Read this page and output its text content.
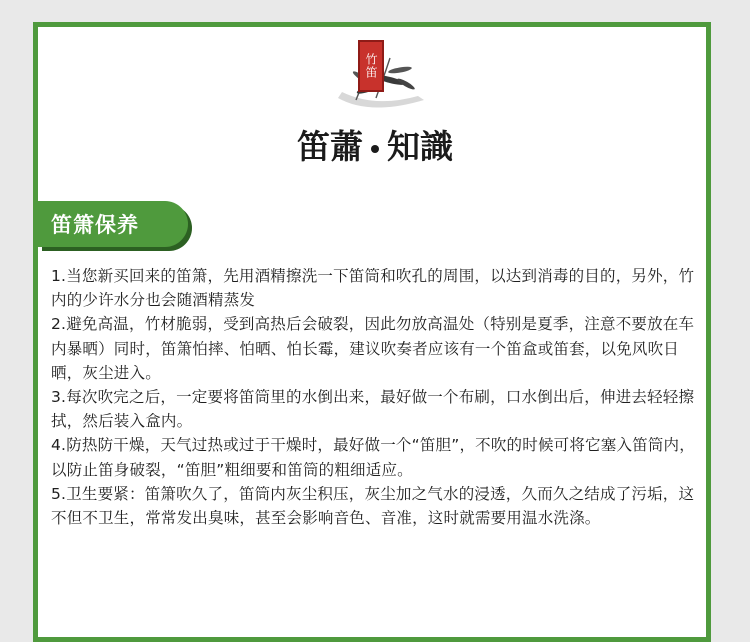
竹笛
笛蕭 知識
笛箫保养

1.当您新买回来的笛箫，先用酒精擦洗一下笛筒和吹孔的周围，以达到消毒的目的，另外，竹内的少许水分也会随酒精蒸发

2.避免高温，竹材脆弱，受到高热后会破裂，因此勿放高温处（特别是夏季，注意不要放在车内暴晒）同时，笛箫怕摔、怕晒、怕长霉，建议吹奏者应该有一个笛盒或笛套，以免风吹日晒，灰尘进入。

3.每次吹完之后，一定要将笛筒里的水倒出来，最好做一个布刷，口水倒出后，伸进去轻轻擦拭，然后装入盒内。

4.防热防干燥，天气过热或过于干燥时，最好做一个“笛胆”，不吹的时候可将它塞入笛筒内，以防止笛身破裂，“笛胆”粗细要和笛筒的粗细适应。

5.卫生要紧：笛箫吹久了，笛筒内灰尘积压，灰尘加之气水的浸透，久而久之结成了污垢，这不但不卫生，常常发出臭味，甚至会影响音色、音准，这时就需要用温水洗涤。
